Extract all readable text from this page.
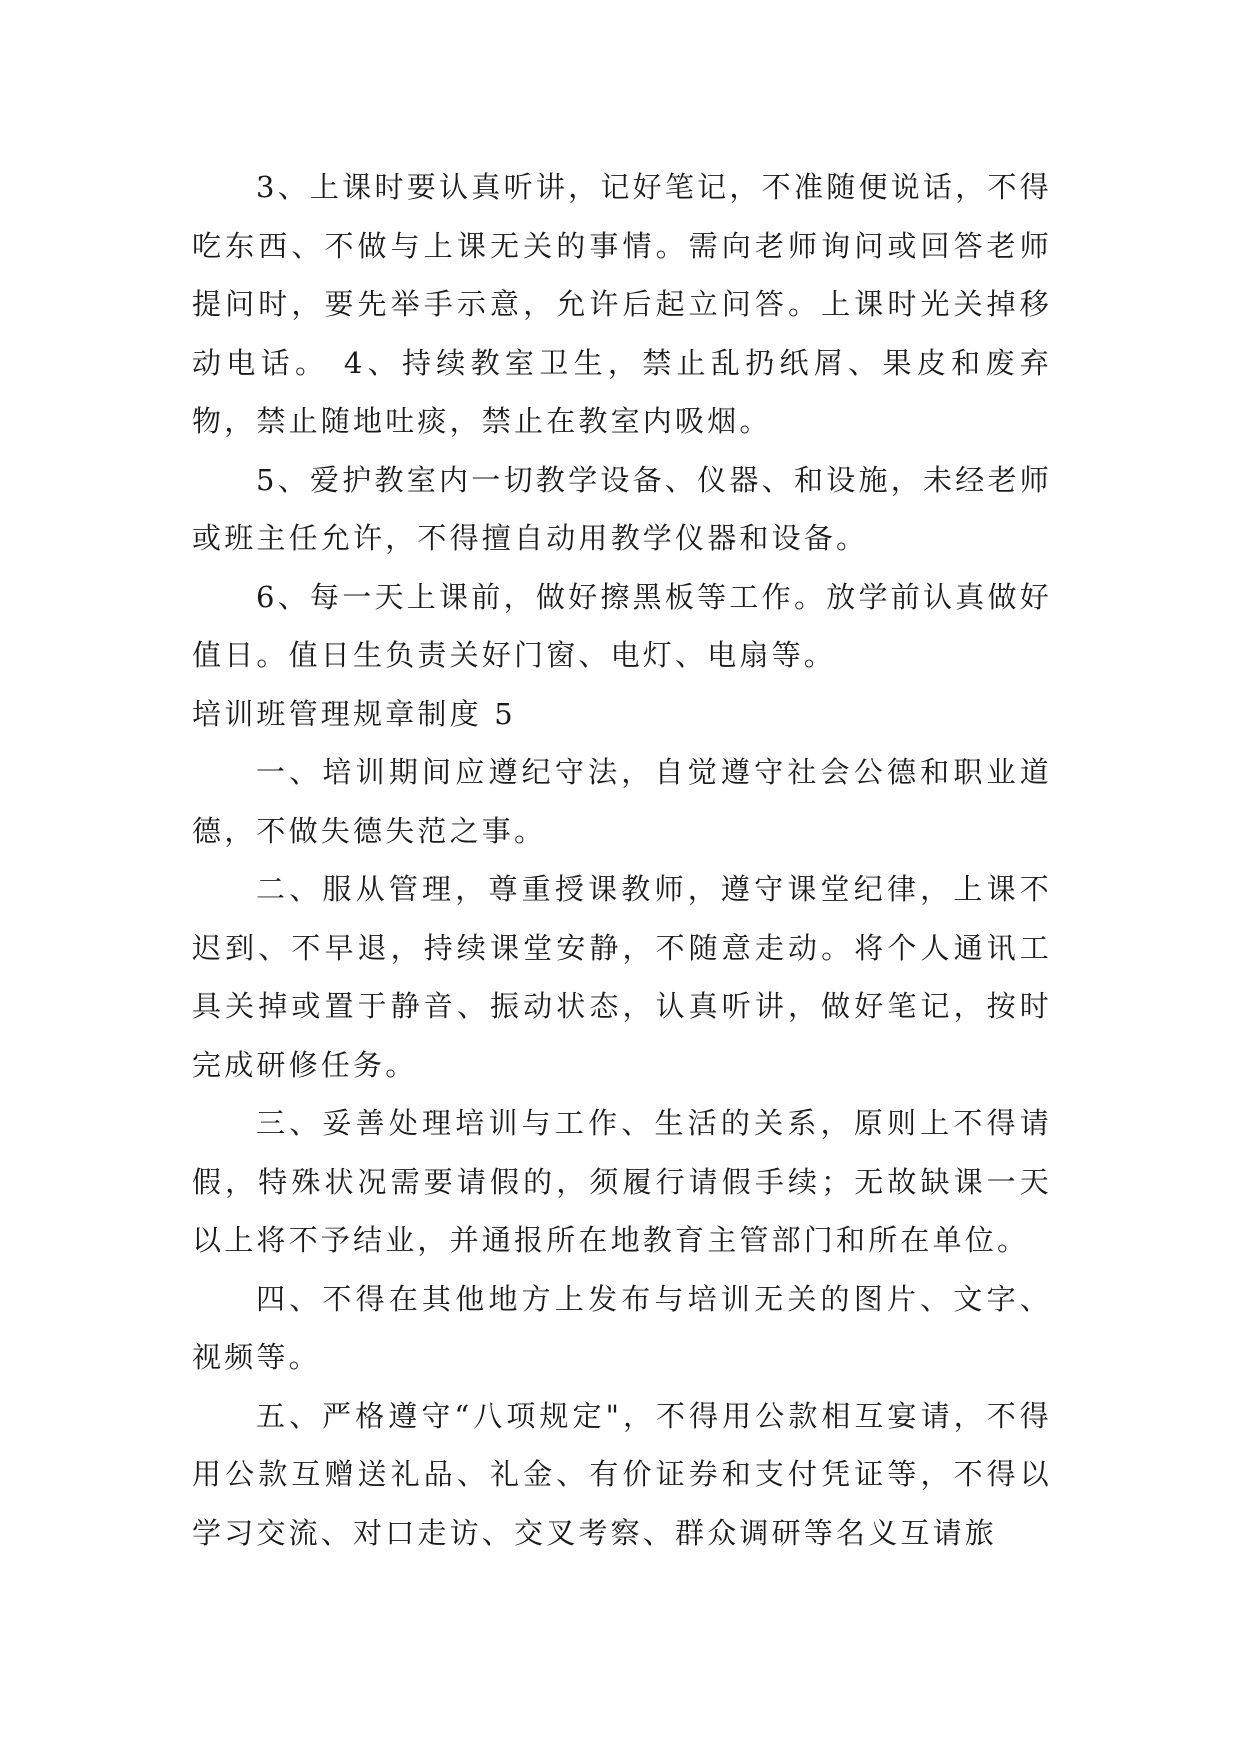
3、上课时要认真听讲，记好笔记，不准随便说话，不得吃东西、不做与上课无关的事情。需向老师询问或回答老师提问时，要先举手示意，允许后起立问答。上课时光关掉移动电话。 4、持续教室卫生，禁止乱扔纸屑、果皮和废弃物，禁止随地吐痰，禁止在教室内吸烟。

5、爱护教室内一切教学设备、仪器、和设施，未经老师或班主任允许，不得擅自动用教学仪器和设备。

6、每一天上课前，做好擦黑板等工作。放学前认真做好值日。值日生负责关好门窗、电灯、电扇等。

培训班管理规章制度 5

一、培训期间应遵纪守法，自觉遵守社会公德和职业道德，不做失德失范之事。

二、服从管理，尊重授课教师，遵守课堂纪律，上课不迟到、不早退，持续课堂安静，不随意走动。将个人通讯工具关掉或置于静音、振动状态，认真听讲，做好笔记，按时完成研修任务。

三、妥善处理培训与工作、生活的关系，原则上不得请假，特殊状况需要请假的，须履行请假手续；无故缺课一天以上将不予结业，并通报所在地教育主管部门和所在单位。

四、不得在其他地方上发布与培训无关的图片、文字、视频等。

五、严格遵守“八项规定"，不得用公款相互宴请，不得用公款互赠送礼品、礼金、有价证券和支付凭证等，不得以学习交流、对口走访、交叉考察、群众调研等名义互请旅
